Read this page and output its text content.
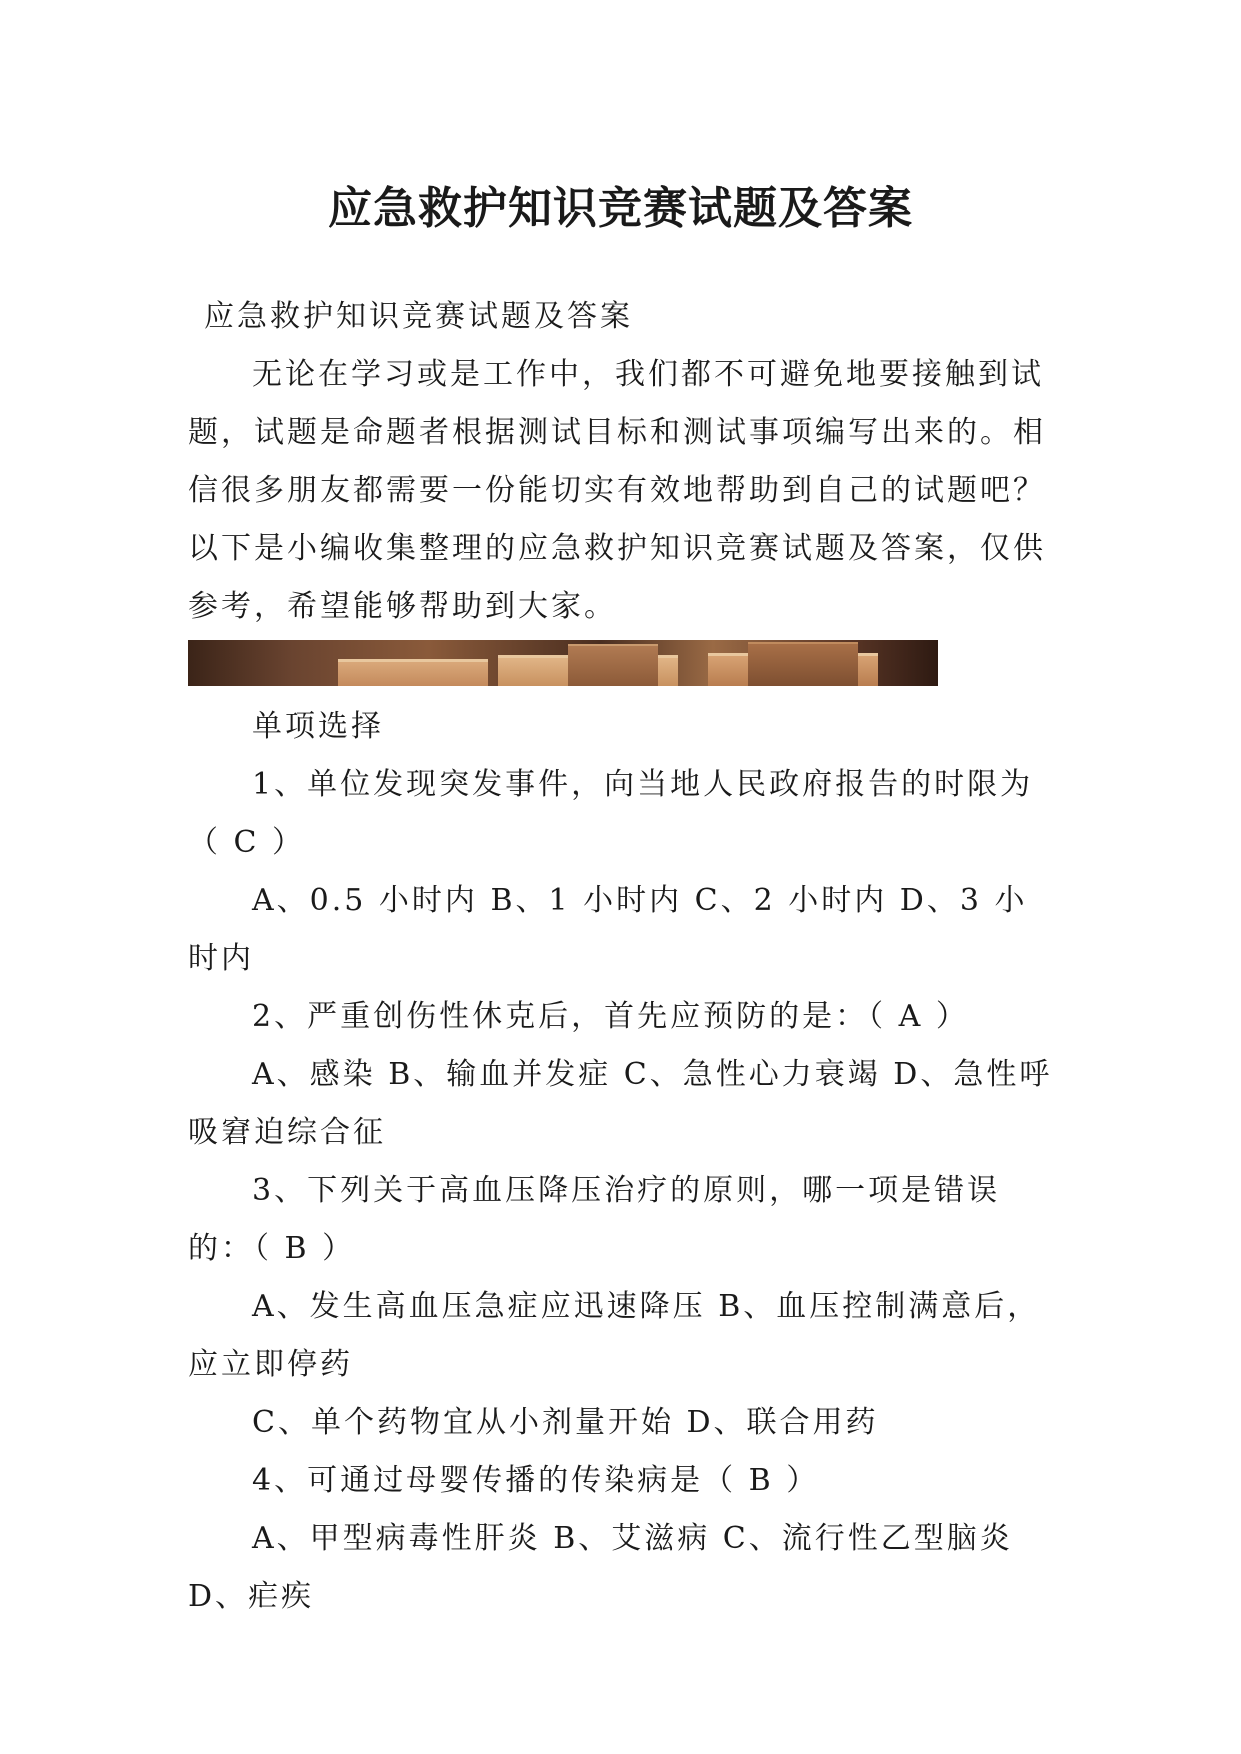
应急救护知识竞赛试题及答案

应急救护知识竞赛试题及答案

无论在学习或是工作中，我们都不可避免地要接触到试题，试题是命题者根据测试目标和测试事项编写出来的。相信很多朋友都需要一份能切实有效地帮助到自己的试题吧？以下是小编收集整理的应急救护知识竞赛试题及答案，仅供参考，希望能够帮助到大家。

单项选择

1、单位发现突发事件，向当地人民政府报告的时限为（ C ）

A、0.5 小时内 B、1 小时内 C、2 小时内 D、3 小时内

2、严重创伤性休克后，首先应预防的是：（ A ）

A、感染 B、输血并发症 C、急性心力衰竭 D、急性呼吸窘迫综合征

3、下列关于高血压降压治疗的原则，哪一项是错误的：（ B ）

A、发生高血压急症应迅速降压 B、血压控制满意后，应立即停药

C、单个药物宜从小剂量开始 D、联合用药

4、可通过母婴传播的传染病是（ B ）

A、甲型病毒性肝炎 B、艾滋病 C、流行性乙型脑炎 D、疟疾
